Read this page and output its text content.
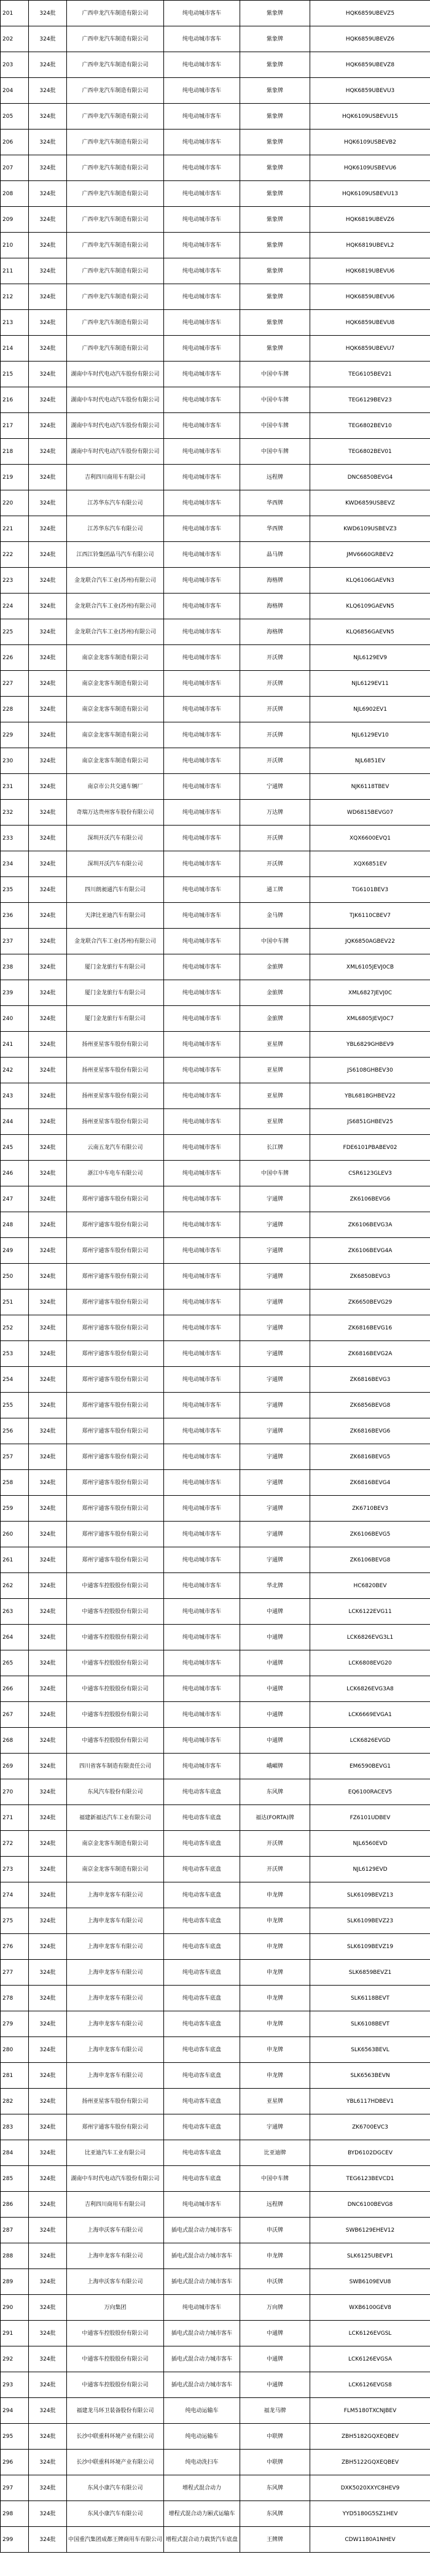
201	324批	广西申龙汽车制造有限公司	纯电动城市客车	紫象牌	HQK6859UBEVZ5
202	324批	广西申龙汽车制造有限公司	纯电动城市客车	紫象牌	HQK6859UBEVZ6
203	324批	广西申龙汽车制造有限公司	纯电动城市客车	紫象牌	HQK6859UBEVZ8
204	324批	广西申龙汽车制造有限公司	纯电动城市客车	紫象牌	HQK6859UBEVU3
205	324批	广西申龙汽车制造有限公司	纯电动城市客车	紫象牌	HQK6109USBEVU15
206	324批	广西申龙汽车制造有限公司	纯电动城市客车	紫象牌	HQK6109USBEVB2
207	324批	广西申龙汽车制造有限公司	纯电动城市客车	紫象牌	HQK6109USBEVU6
208	324批	广西申龙汽车制造有限公司	纯电动城市客车	紫象牌	HQK6109USBEVU13
209	324批	广西申龙汽车制造有限公司	纯电动城市客车	紫象牌	HQK6819UBEVZ6
210	324批	广西申龙汽车制造有限公司	纯电动城市客车	紫象牌	HQK6819UBEVL2
211	324批	广西申龙汽车制造有限公司	纯电动城市客车	紫象牌	HQK6819UBEVU6
212	324批	广西申龙汽车制造有限公司	纯电动城市客车	紫象牌	HQK6859UBEVU6
213	324批	广西申龙汽车制造有限公司	纯电动城市客车	紫象牌	HQK6859UBEVU8
214	324批	广西申龙汽车制造有限公司	纯电动城市客车	紫象牌	HQK6859UBEVU7
215	324批	湖南中车时代电动汽车股份有限公司	纯电动城市客车	中国中车牌	TEG6105BEV21
216	324批	湖南中车时代电动汽车股份有限公司	纯电动城市客车	中国中车牌	TEG6129BEV23
217	324批	湖南中车时代电动汽车股份有限公司	纯电动城市客车	中国中车牌	TEG6802BEV10
218	324批	湖南中车时代电动汽车股份有限公司	纯电动城市客车	中国中车牌	TEG6802BEV01
219	324批	吉利四川商用车有限公司	纯电动城市客车	远程牌	DNC6850BEVG4
220	324批	江苏华东汽车有限公司	纯电动城市客车	华西牌	KWD6859USBEVZ
221	324批	江苏华东汽车有限公司	纯电动城市客车	华西牌	KWD6109USBEVZ3
222	324批	江西江铃集团晶马汽车有限公司	纯电动城市客车	晶马牌	JMV6660GRBEV2
223	324批	金龙联合汽车工业(苏州)有限公司	纯电动城市客车	海格牌	KLQ6106GAEVN3
224	324批	金龙联合汽车工业(苏州)有限公司	纯电动城市客车	海格牌	KLQ6109GAEVN5
225	324批	金龙联合汽车工业(苏州)有限公司	纯电动城市客车	海格牌	KLQ6856GAEVN5
226	324批	南京金龙客车制造有限公司	纯电动城市客车	开沃牌	NJL6129EV9
227	324批	南京金龙客车制造有限公司	纯电动城市客车	开沃牌	NJL6129EV11
228	324批	南京金龙客车制造有限公司	纯电动城市客车	开沃牌	NJL6902EV1
229	324批	南京金龙客车制造有限公司	纯电动城市客车	开沃牌	NJL6129EV10
230	324批	南京金龙客车制造有限公司	纯电动城市客车	开沃牌	NJL6851EV
231	324批	南京市公共交通车辆厂	纯电动城市客车	宁通牌	NJK6118TBEV
232	324批	奇瑞万达贵州客车股份有限公司	纯电动城市客车	万达牌	WD6815BEVG07
233	324批	深圳开沃汽车有限公司	纯电动城市客车	开沃牌	XQX6600EVQ1
234	324批	深圳开沃汽车有限公司	纯电动城市客车	开沃牌	XQX6851EV
235	324批	四川朗昶通汽车有限公司	纯电动城市客车	通工牌	TG6101BEV3
236	324批	天津比亚迪汽车有限公司	纯电动城市客车	金马牌	TJK6110CBEV7
237	324批	金龙联合汽车工业(苏州)有限公司	纯电动城市客车	中国中车牌	JQK6850AGBEV22
238	324批	厦门金龙旅行车有限公司	纯电动城市客车	金旅牌	XML6105JEVJ0CB
239	324批	厦门金龙旅行车有限公司	纯电动城市客车	金旅牌	XML6827JEVJ0C
240	324批	厦门金龙旅行车有限公司	纯电动城市客车	金旅牌	XML6805JEVJ0C7
241	324批	扬州亚星客车股份有限公司	纯电动城市客车	亚星牌	YBL6829GHBEV9
242	324批	扬州亚星客车股份有限公司	纯电动城市客车	亚星牌	JS6108GHBEV30
243	324批	扬州亚星客车股份有限公司	纯电动城市客车	亚星牌	YBL6818GHBEV22
244	324批	扬州亚星客车股份有限公司	纯电动城市客车	亚星牌	JS6851GHBEV25
245	324批	云南五龙汽车有限公司	纯电动城市客车	长江牌	FDE6101PBABEV02
246	324批	浙江中车电车有限公司	纯电动城市客车	中国中车牌	CSR6123GLEV3
247	324批	郑州宇通客车股份有限公司	纯电动城市客车	宇通牌	ZK6106BEVG6
248	324批	郑州宇通客车股份有限公司	纯电动城市客车	宇通牌	ZK6106BEVG3A
249	324批	郑州宇通客车股份有限公司	纯电动城市客车	宇通牌	ZK6106BEVG4A
250	324批	郑州宇通客车股份有限公司	纯电动城市客车	宇通牌	ZK6850BEVG3
251	324批	郑州宇通客车股份有限公司	纯电动城市客车	宇通牌	ZK6650BEVG29
252	324批	郑州宇通客车股份有限公司	纯电动城市客车	宇通牌	ZK6816BEVG16
253	324批	郑州宇通客车股份有限公司	纯电动城市客车	宇通牌	ZK6816BEVG2A
254	324批	郑州宇通客车股份有限公司	纯电动城市客车	宇通牌	ZK6816BEVG3
255	324批	郑州宇通客车股份有限公司	纯电动城市客车	宇通牌	ZK6856BEVG8
256	324批	郑州宇通客车股份有限公司	纯电动城市客车	宇通牌	ZK6816BEVG6
257	324批	郑州宇通客车股份有限公司	纯电动城市客车	宇通牌	ZK6816BEVG5
258	324批	郑州宇通客车股份有限公司	纯电动城市客车	宇通牌	ZK6816BEVG4
259	324批	郑州宇通客车股份有限公司	纯电动城市客车	宇通牌	ZK6710BEV3
260	324批	郑州宇通客车股份有限公司	纯电动城市客车	宇通牌	ZK6106BEVG5
261	324批	郑州宇通客车股份有限公司	纯电动城市客车	宇通牌	ZK6106BEVG8
262	324批	中通客车控股股份有限公司	纯电动城市客车	华北牌	HC6820BEV
263	324批	中通客车控股股份有限公司	纯电动城市客车	中通牌	LCK6122EVG11
264	324批	中通客车控股股份有限公司	纯电动城市客车	中通牌	LCK6826EVG3L1
265	324批	中通客车控股股份有限公司	纯电动城市客车	中通牌	LCK6808EVG20
266	324批	中通客车控股股份有限公司	纯电动城市客车	中通牌	LCK6826EVG3A8
267	324批	中通客车控股股份有限公司	纯电动城市客车	中通牌	LCK6669EVGA1
268	324批	中通客车控股股份有限公司	纯电动城市客车	中通牌	LCK6826EVGD
269	324批	四川省客车制造有限责任公司	纯电动城市客车	峨嵋牌	EM6590BEVG1
270	324批	东风汽车股份有限公司	纯电动客车底盘	东风牌	EQ6100RACEV5
271	324批	福建新福达汽车工业有限公司	纯电动客车底盘	福达(FORTA)牌	FZ6101UDBEV
272	324批	南京金龙客车制造有限公司	纯电动客车底盘	开沃牌	NJL6560EVD
273	324批	南京金龙客车制造有限公司	纯电动客车底盘	开沃牌	NJL6129EVD
274	324批	上海申龙客车有限公司	纯电动客车底盘	申龙牌	SLK6109BEVZ13
275	324批	上海申龙客车有限公司	纯电动客车底盘	申龙牌	SLK6109BEVZ23
276	324批	上海申龙客车有限公司	纯电动客车底盘	申龙牌	SLK6109BEVZ19
277	324批	上海申龙客车有限公司	纯电动客车底盘	申龙牌	SLK6859BEVZ1
278	324批	上海申龙客车有限公司	纯电动客车底盘	申龙牌	SLK6118BEVT
279	324批	上海申龙客车有限公司	纯电动客车底盘	申龙牌	SLK6108BEVT
280	324批	上海申龙客车有限公司	纯电动客车底盘	申龙牌	SLK6563BEVL
281	324批	上海申龙客车有限公司	纯电动客车底盘	申龙牌	SLK6563BEVN
282	324批	扬州亚星客车股份有限公司	纯电动客车底盘	亚星牌	YBL6117HDBEV1
283	324批	郑州宇通客车股份有限公司	纯电动客车底盘	宇通牌	ZK6700EVC3
284	324批	比亚迪汽车工业有限公司	纯电动客车底盘	比亚迪牌	BYD6102DGCEV
285	324批	湖南中车时代电动汽车股份有限公司	纯电动客车底盘	中国中车牌	TEG6123BEVCD1
286	324批	吉利四川商用车有限公司	纯电动城市客车	远程牌	DNC6100BEVG8
287	324批	上海申沃客车有限公司	插电式混合动力城市客车	申沃牌	SWB6129EHEV12
288	324批	上海申龙客车有限公司	插电式混合动力城市客车	申龙牌	SLK6125UBEVP1
289	324批	上海申沃客车有限公司	插电式混合动力城市客车	申沃牌	SWB6109EVU8
290	324批	万向集团	纯电动城市客车	万向牌	WXB6100GEV8
291	324批	中通客车控股股份有限公司	插电式混合动力城市客车	中通牌	LCK6126EVGSL
292	324批	中通客车控股股份有限公司	插电式混合动力城市客车	中通牌	LCK6126EVGSA
293	324批	中通客车控股股份有限公司	插电式混合动力城市客车	中通牌	LCK6126EVGS8
294	324批	福建龙马环卫装备股份有限公司	纯电动运输车	福龙马牌	FLM5180TXCNJBEV
295	324批	长沙中联重科环境产业有限公司	纯电动运输车	中联牌	ZBH5182GQXEQBEV
296	324批	长沙中联重科环境产业有限公司	纯电动洗扫车	中联牌	ZBH5122GQXEQBEV
297	324批	东风小康汽车有限公司	增程式混合动力	东风牌	DXK5020XXYC8HEV9
298	324批	东风小康汽车有限公司	增程式混合动力厢式运输车	东风牌	YYD5180G5SZ1HEV
299	324批	中国重汽集团成都王牌商用车有限公司	增程式混合动力载货汽车底盘	王牌牌	CDW1180A1NHEV
